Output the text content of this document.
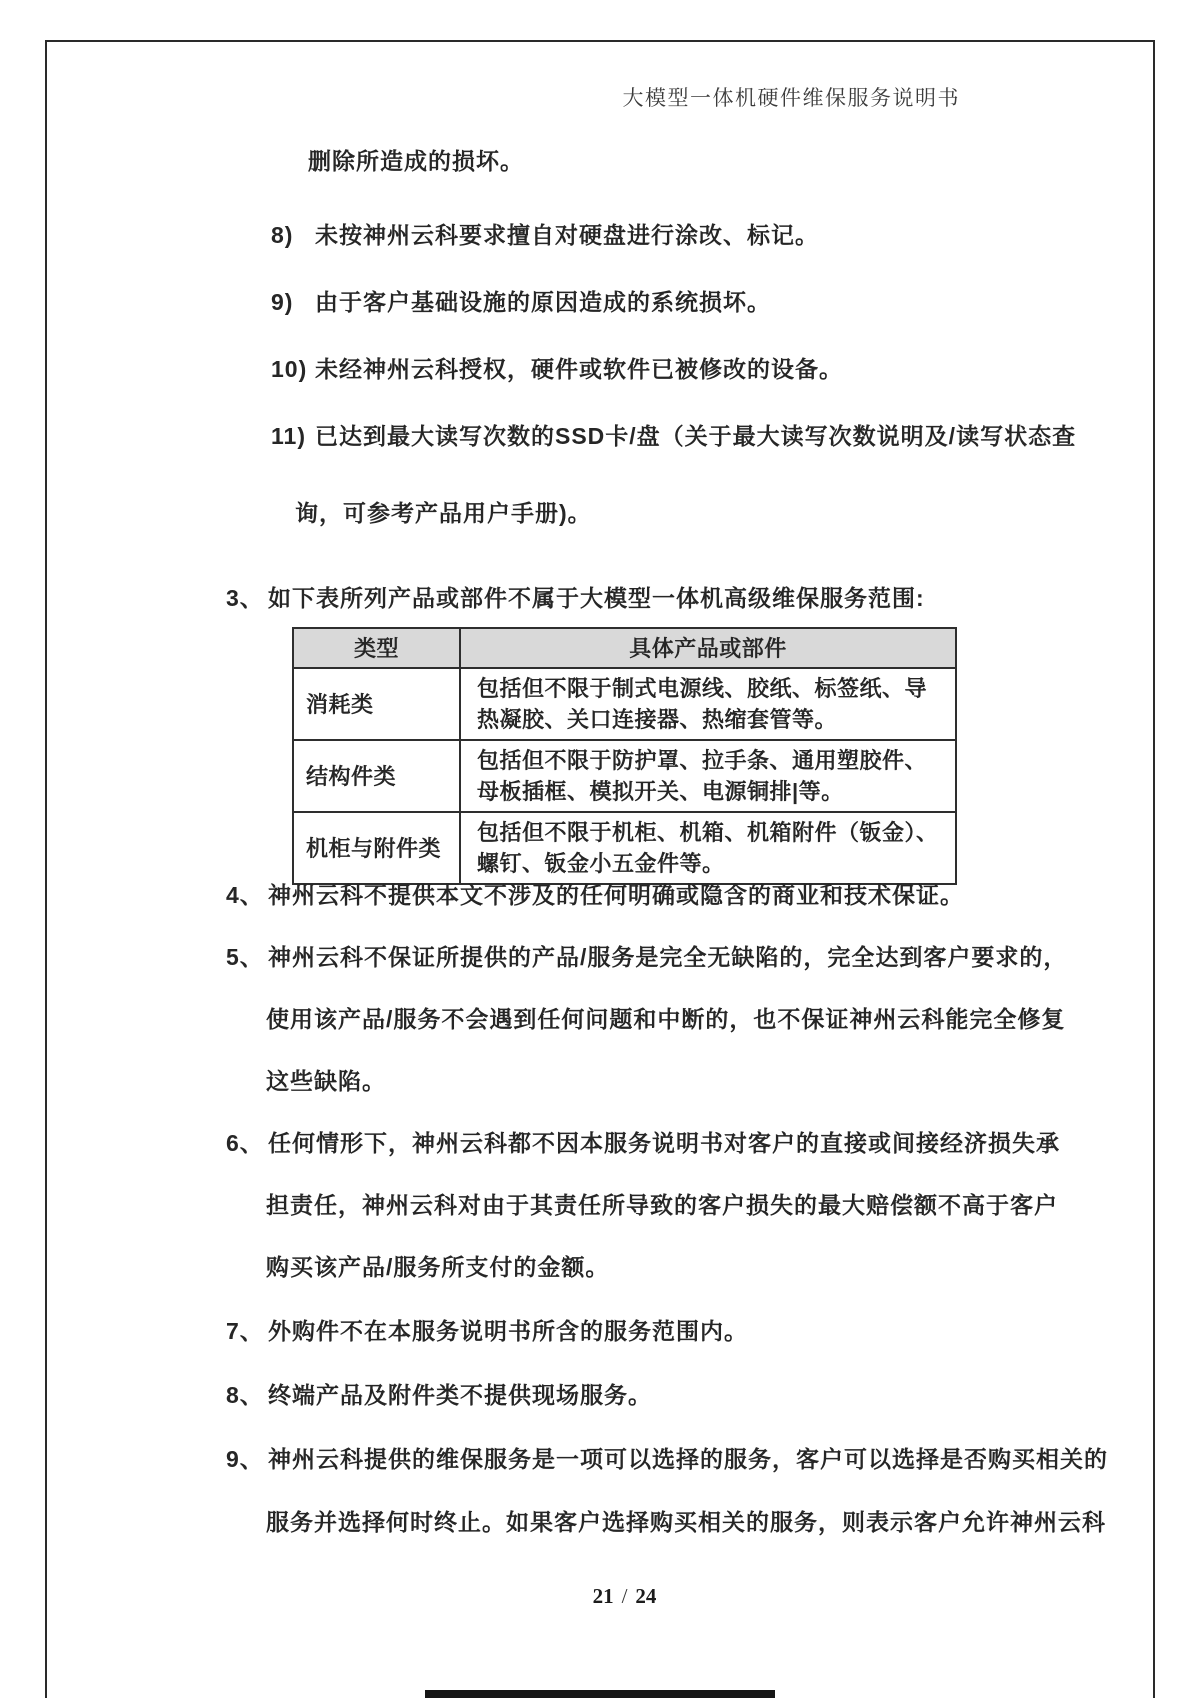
大模型一体机硬件维保服务说明书
删除所造成的损坏。
8) 未按神州云科要求擅自对硬盘进行涂改、标记。
9) 由于客户基础设施的原因造成的系统损坏。
10) 未经神州云科授权，硬件或软件已被修改的设备。
11) 已达到最大读写次数的SSD卡/盘（关于最大读写次数说明及/读写状态查
询，可参考产品用户手册)。
3、 如下表所列产品或部件不属于大模型一体机高级维保服务范围:
类型	具体产品或部件
消耗类	包括但不限于制式电源线、胶纸、标签纸、导热凝胶、关口连接器、热缩套管等。
结构件类	包括但不限于防护罩、拉手条、通用塑胶件、母板插框、模拟开关、电源铜排|等。
机柜与附件类	包括但不限于机柜、机箱、机箱附件（钣金）、螺钉、钣金小五金件等。
4、 神州云科不提供本文不涉及的任何明确或隐含的商业和技术保证。
5、 神州云科不保证所提供的产品/服务是完全无缺陷的，完全达到客户要求的，
使用该产品/服务不会遇到任何问题和中断的，也不保证神州云科能完全修复
这些缺陷。
6、 任何情形下，神州云科都不因本服务说明书对客户的直接或间接经济损失承
担责任，神州云科对由于其责任所导致的客户损失的最大赔偿额不高于客户
购买该产品/服务所支付的金额。
7、 外购件不在本服务说明书所含的服务范围内。
8、 终端产品及附件类不提供现场服务。
9、 神州云科提供的维保服务是一项可以选择的服务，客户可以选择是否购买相关的
服务并选择何时终止。如果客户选择购买相关的服务，则表示客户允许神州云科
21 / 24
